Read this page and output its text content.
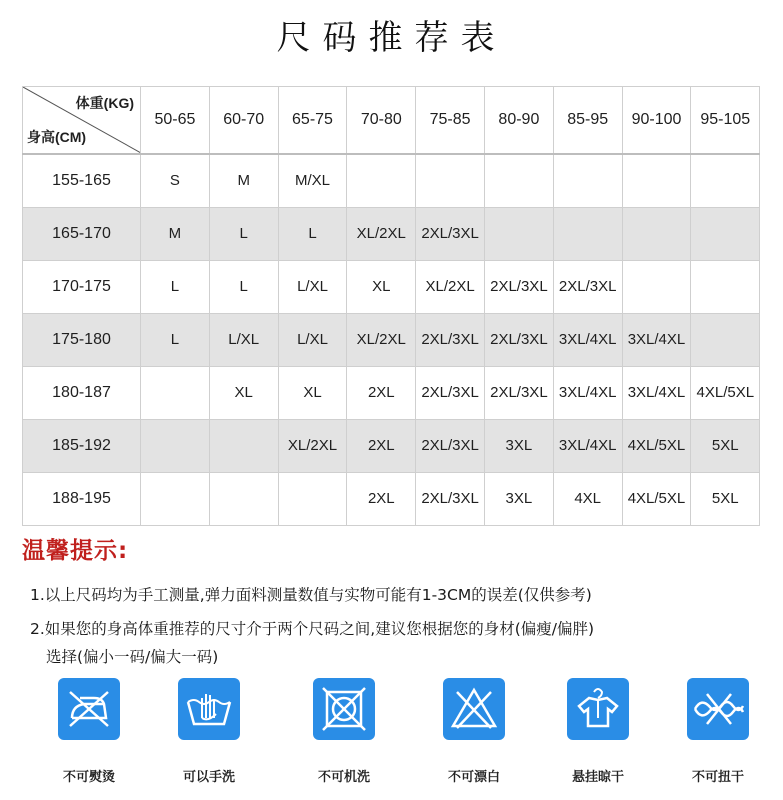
尺码推荐表
体重(KG)
身高(CM)	50-65	60-70	65-75	70-80	75-85	80-90	85-95	90-100	95-105
155-165	S	M	M/XL						
165-170	M	L	L	XL/2XL	2XL/3XL				
170-175	L	L	L/XL	XL	XL/2XL	2XL/3XL	2XL/3XL		
175-180	L	L/XL	L/XL	XL/2XL	2XL/3XL	2XL/3XL	3XL/4XL	3XL/4XL	
180-187		XL	XL	2XL	2XL/3XL	2XL/3XL	3XL/4XL	3XL/4XL	4XL/5XL
185-192			XL/2XL	2XL	2XL/3XL	3XL	3XL/4XL	4XL/5XL	5XL
188-195				2XL	2XL/3XL	3XL	4XL	4XL/5XL	5XL
温馨提示:
1.以上尺码均为手工测量,弹力面料测量数值与实物可能有1-3CM的误差(仅供参考)
2.如果您的身高体重推荐的尺寸介于两个尺码之间,建议您根据您的身材(偏瘦/偏胖)
选择(偏小一码/偏大一码)
不可熨烫	可以手洗	不可机洗	不可漂白	悬挂晾干	不可扭干
